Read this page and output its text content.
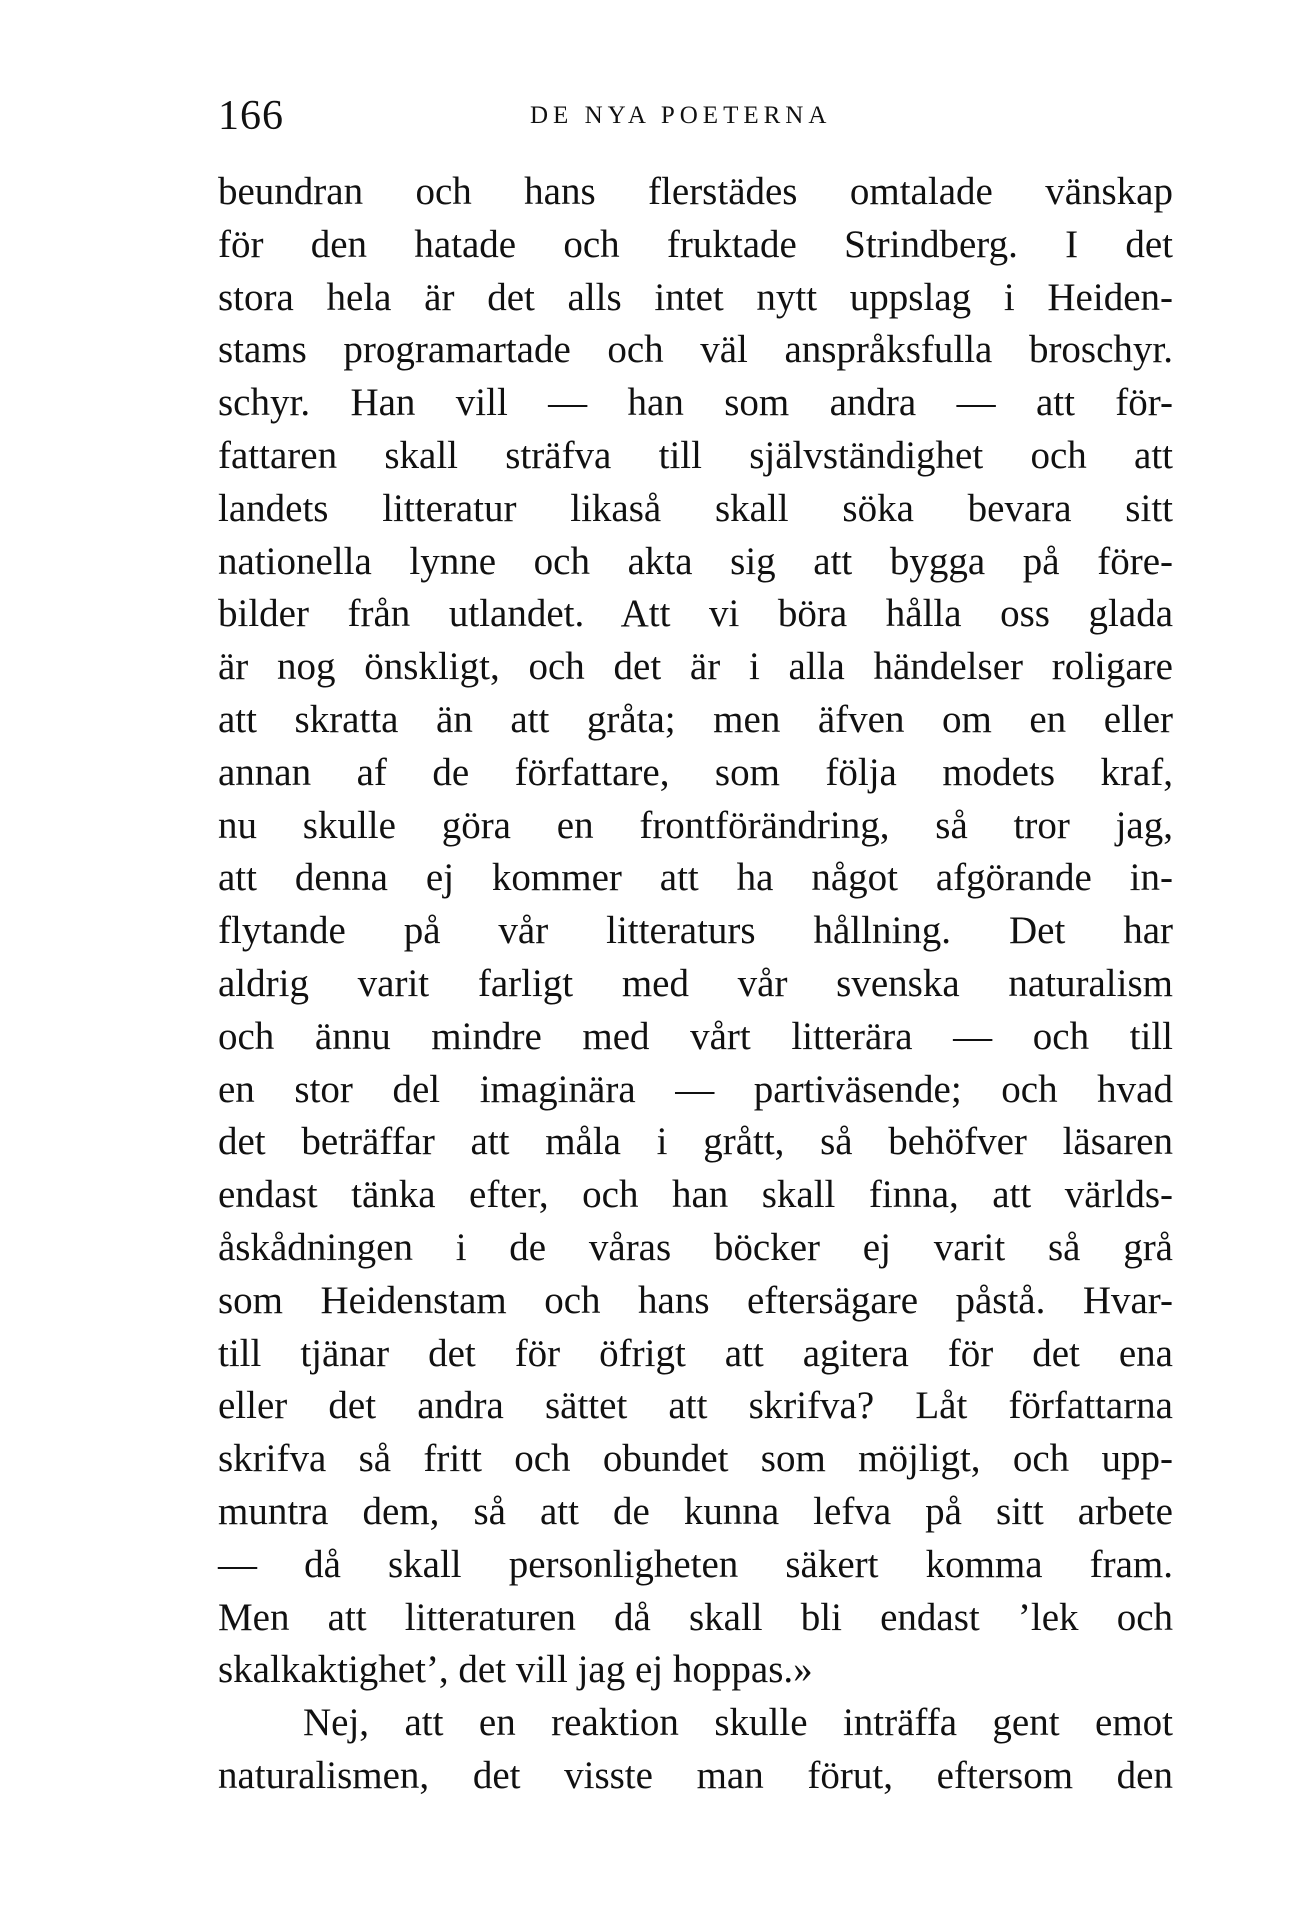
166	DE NYA POETERNA
beundran och hans flerstädes omtalade vänskap
för den hatade och fruktade Strindberg. I det
stora hela är det alls intet nytt uppslag i Heiden-
stams programartade och väl anspråksfulla broschyr.
schyr. Han vill — han som andra — att för-
fattaren skall sträfva till självständighet och att
landets litteratur likaså skall söka bevara sitt
nationella lynne och akta sig att bygga på före-
bilder från utlandet. Att vi böra hålla oss glada
är nog önskligt, och det är i alla händelser roligare
att skratta än att gråta; men äfven om en eller
annan af de författare, som följa modets kraf,
nu skulle göra en frontförändring, så tror jag,
att denna ej kommer att ha något afgörande in-
flytande på vår litteraturs hållning. Det har
aldrig varit farligt med vår svenska naturalism
och ännu mindre med vårt litterära — och till
en stor del imaginära — partiväsende; och hvad
det beträffar att måla i grått, så behöfver läsaren
endast tänka efter, och han skall finna, att världs-
åskådningen i de våras böcker ej varit så grå
som Heidenstam och hans eftersägare påstå. Hvar-
till tjänar det för öfrigt att agitera för det ena
eller det andra sättet att skrifva? Låt författarna
skrifva så fritt och obundet som möjligt, och upp-
muntra dem, så att de kunna lefva på sitt arbete
— då skall personligheten säkert komma fram.
Men att litteraturen då skall bli endast ’lek och
skalkaktighet’, det vill jag ej hoppas.»
Nej, att en reaktion skulle inträffa gent emot
naturalismen, det visste man förut, eftersom den
